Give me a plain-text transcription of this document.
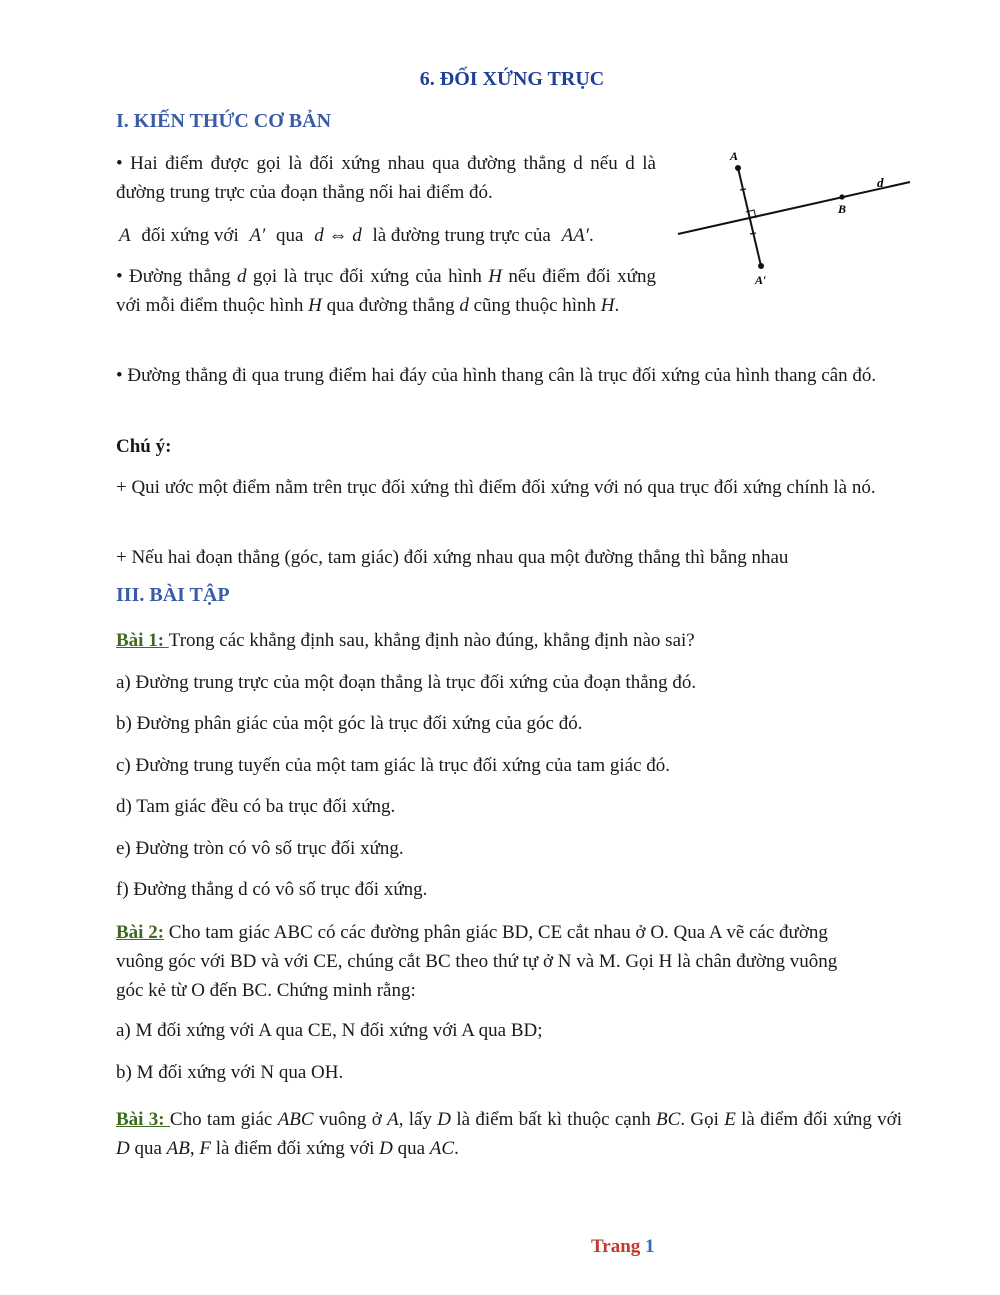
6. ĐỐI XỨNG TRỤC
I. KIẾN THỨC CƠ BẢN

• Hai điểm được gọi là đối xứng nhau qua đường thẳng d nếu d là đường trung trực của đoạn thẳng nối hai điểm đó.

A đối xứng với A′ qua d ⇔ d là đường trung trực của AA′.

• Đường thẳng d gọi là trục đối xứng của hình H nếu điểm đối xứng với mỗi điểm thuộc hình H qua đường thẳng d cũng thuộc hình H.

• Đường thẳng đi qua trung điểm hai đáy của hình thang cân là trục đối xứng của hình thang cân đó.

Chú ý:

+ Qui ước một điểm nằm trên trục đối xứng thì điểm đối xứng với nó qua trục đối xứng chính là nó.

+ Nếu hai đoạn thẳng (góc, tam giác) đối xứng nhau qua một đường thẳng thì bằng nhau

A
B
d
A′
III. BÀI TẬP

Bài 1: Trong các khẳng định sau, khẳng định nào đúng, khẳng định nào sai?

a) Đường trung trực của một đoạn thẳng là trục đối xứng của đoạn thẳng đó.

b) Đường phân giác của một góc là trục đối xứng của góc đó.

c) Đường trung tuyến của một tam giác là trục đối xứng của tam giác đó.

d) Tam giác đều có ba trục đối xứng.

e) Đường tròn có vô số trục đối xứng.

f) Đường thẳng d có vô số trục đối xứng.

Bài 2: Cho tam giác ABC có các đường phân giác BD, CE cắt nhau ở O. Qua A vẽ các đường vuông góc với BD và với CE, chúng cắt BC theo thứ tự ở N và M. Gọi H là chân đường vuông góc kẻ từ O đến BC. Chứng minh rằng:

a) M đối xứng với A qua CE, N đối xứng với A qua BD;

b) M đối xứng với N qua OH.

Bài 3: Cho tam giác ABC vuông ở A, lấy D là điểm bất kì thuộc cạnh BC. Gọi E là điểm đối xứng với D qua AB, F là điểm đối xứng với D qua AC.

Trang 1
